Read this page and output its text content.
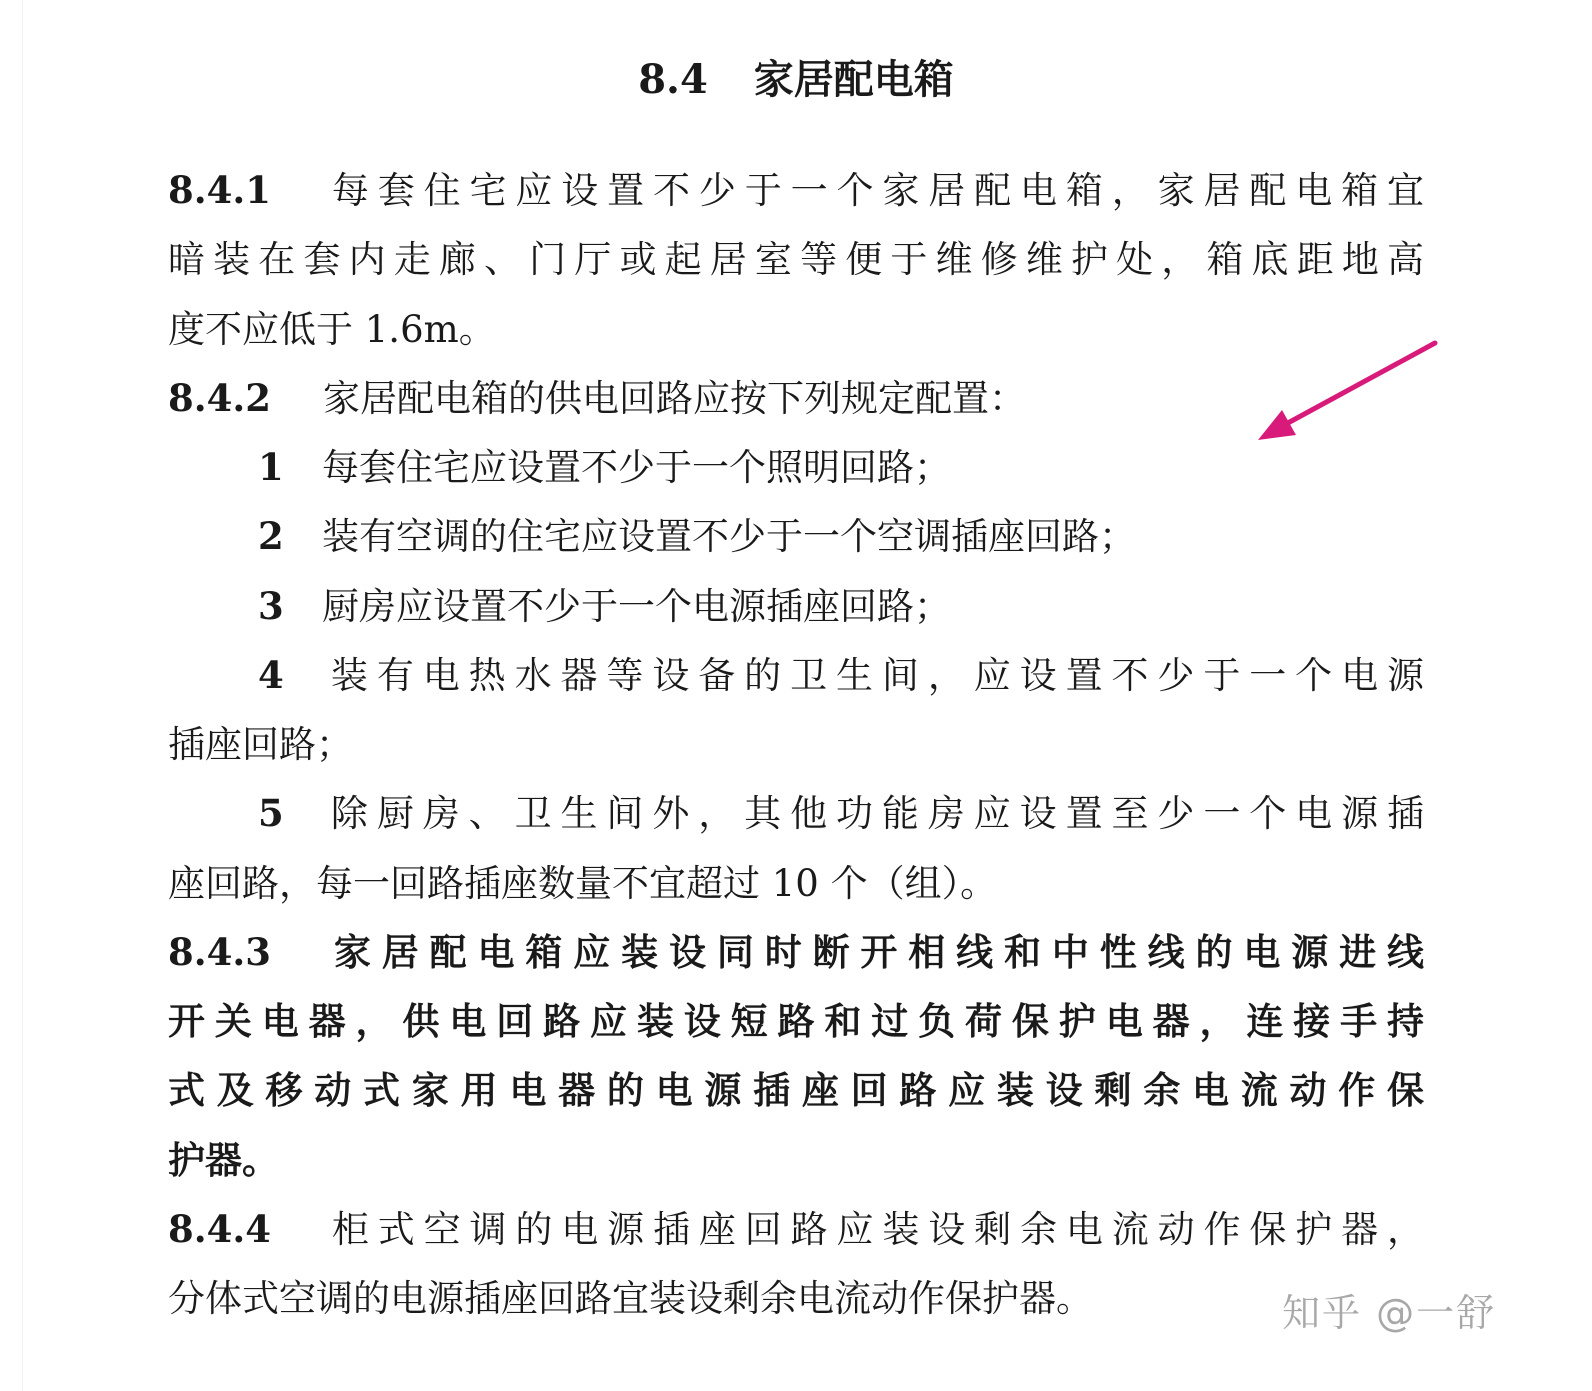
8.4 家居配电箱
8.4.1 每套住宅应设置不少于一个家居配电箱，家居配电箱宜
暗装在套内走廊、门厅或起居室等便于维修维护处，箱底距地高
度不应低于 1.6m。
8.4.2 家居配电箱的供电回路应按下列规定配置：
1 每套住宅应设置不少于一个照明回路；
2 装有空调的住宅应设置不少于一个空调插座回路；
3 厨房应设置不少于一个电源插座回路；
4 装有电热水器等设备的卫生间，应设置不少于一个电源
插座回路；
5 除厨房、卫生间外，其他功能房应设置至少一个电源插
座回路，每一回路插座数量不宜超过 10 个（组）。
8.4.3 家居配电箱应装设同时断开相线和中性线的电源进线
开关电器，供电回路应装设短路和过负荷保护电器，连接手持
式及移动式家用电器的电源插座回路应装设剩余电流动作保
护器。
8.4.4 柜式空调的电源插座回路应装设剩余电流动作保护器，
分体式空调的电源插座回路宜装设剩余电流动作保护器。	知乎 @一舒
